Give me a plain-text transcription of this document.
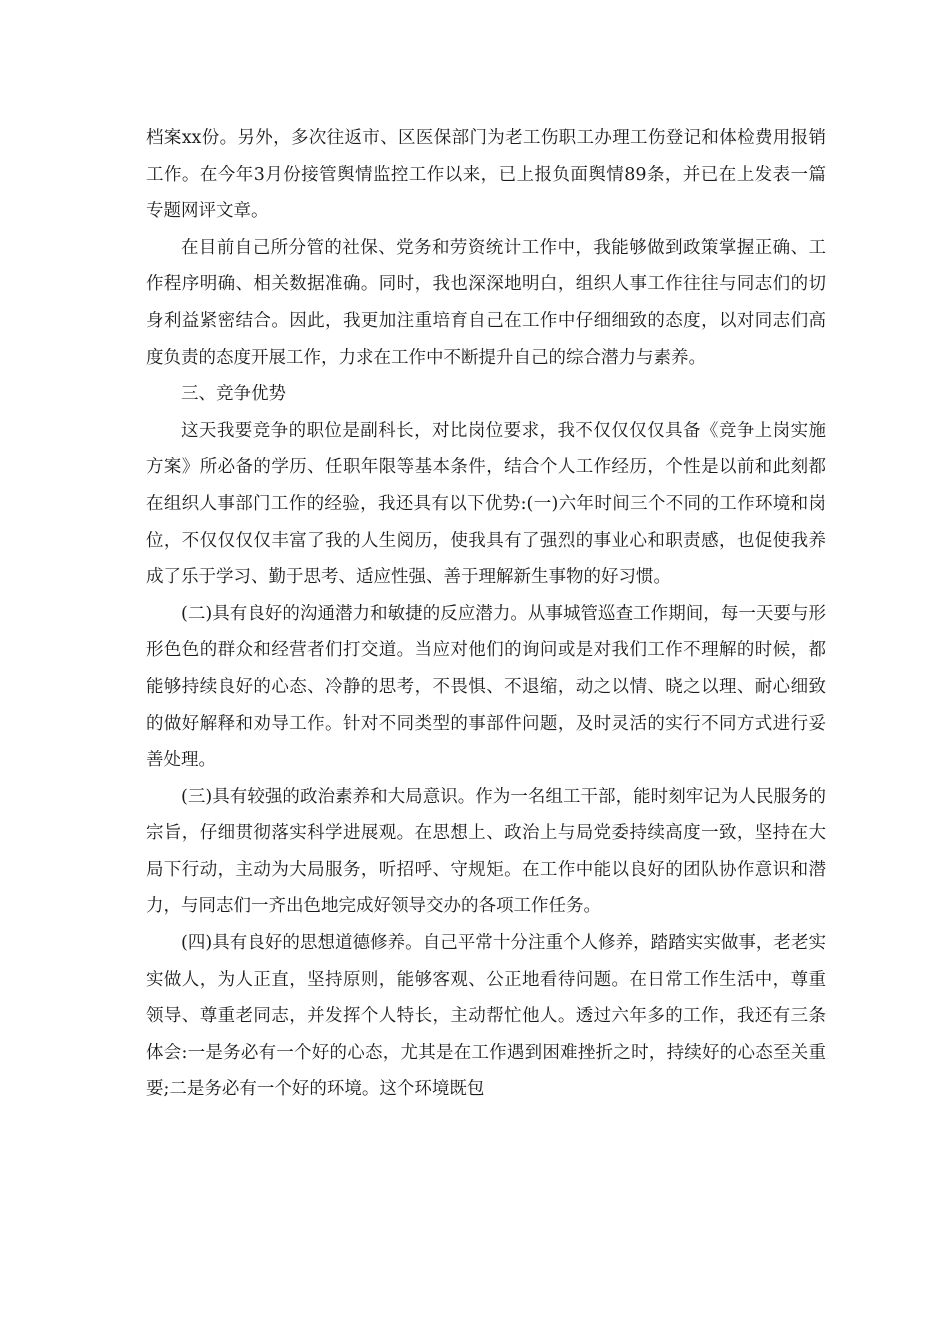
档案xx份。另外，多次往返市、区医保部门为老工伤职工办理工伤登记和体检费用报销工作。在今年3月份接管舆情监控工作以来，已上报负面舆情89条，并已在上发表一篇专题网评文章。

在目前自己所分管的社保、党务和劳资统计工作中，我能够做到政策掌握正确、工作程序明确、相关数据准确。同时，我也深深地明白，组织人事工作往往与同志们的切身利益紧密结合。因此，我更加注重培育自己在工作中仔细细致的态度，以对同志们高度负责的态度开展工作，力求在工作中不断提升自己的综合潜力与素养。

三、竞争优势

这天我要竞争的职位是副科长，对比岗位要求，我不仅仅仅仅具备《竞争上岗实施方案》所必备的学历、任职年限等基本条件，结合个人工作经历，个性是以前和此刻都在组织人事部门工作的经验，我还具有以下优势:(一)六年时间三个不同的工作环境和岗位，不仅仅仅仅丰富了我的人生阅历，使我具有了强烈的事业心和职责感，也促使我养成了乐于学习、勤于思考、适应性强、善于理解新生事物的好习惯。

(二)具有良好的沟通潜力和敏捷的反应潜力。从事城管巡查工作期间，每一天要与形形色色的群众和经营者们打交道。当应对他们的询问或是对我们工作不理解的时候，都能够持续良好的心态、冷静的思考，不畏惧、不退缩，动之以情、晓之以理、耐心细致的做好解释和劝导工作。针对不同类型的事部件问题，及时灵活的实行不同方式进行妥善处理。

(三)具有较强的政治素养和大局意识。作为一名组工干部，能时刻牢记为人民服务的宗旨，仔细贯彻落实科学进展观。在思想上、政治上与局党委持续高度一致，坚持在大局下行动，主动为大局服务，听招呼、守规矩。在工作中能以良好的团队协作意识和潜力，与同志们一齐出色地完成好领导交办的各项工作任务。

(四)具有良好的思想道德修养。自己平常十分注重个人修养，踏踏实实做事，老老实实做人，为人正直，坚持原则，能够客观、公正地看待问题。在日常工作生活中，尊重领导、尊重老同志，并发挥个人特长，主动帮忙他人。透过六年多的工作，我还有三条体会:一是务必有一个好的心态，尤其是在工作遇到困难挫折之时，持续好的心态至关重要;二是务必有一个好的环境。这个环境既包
